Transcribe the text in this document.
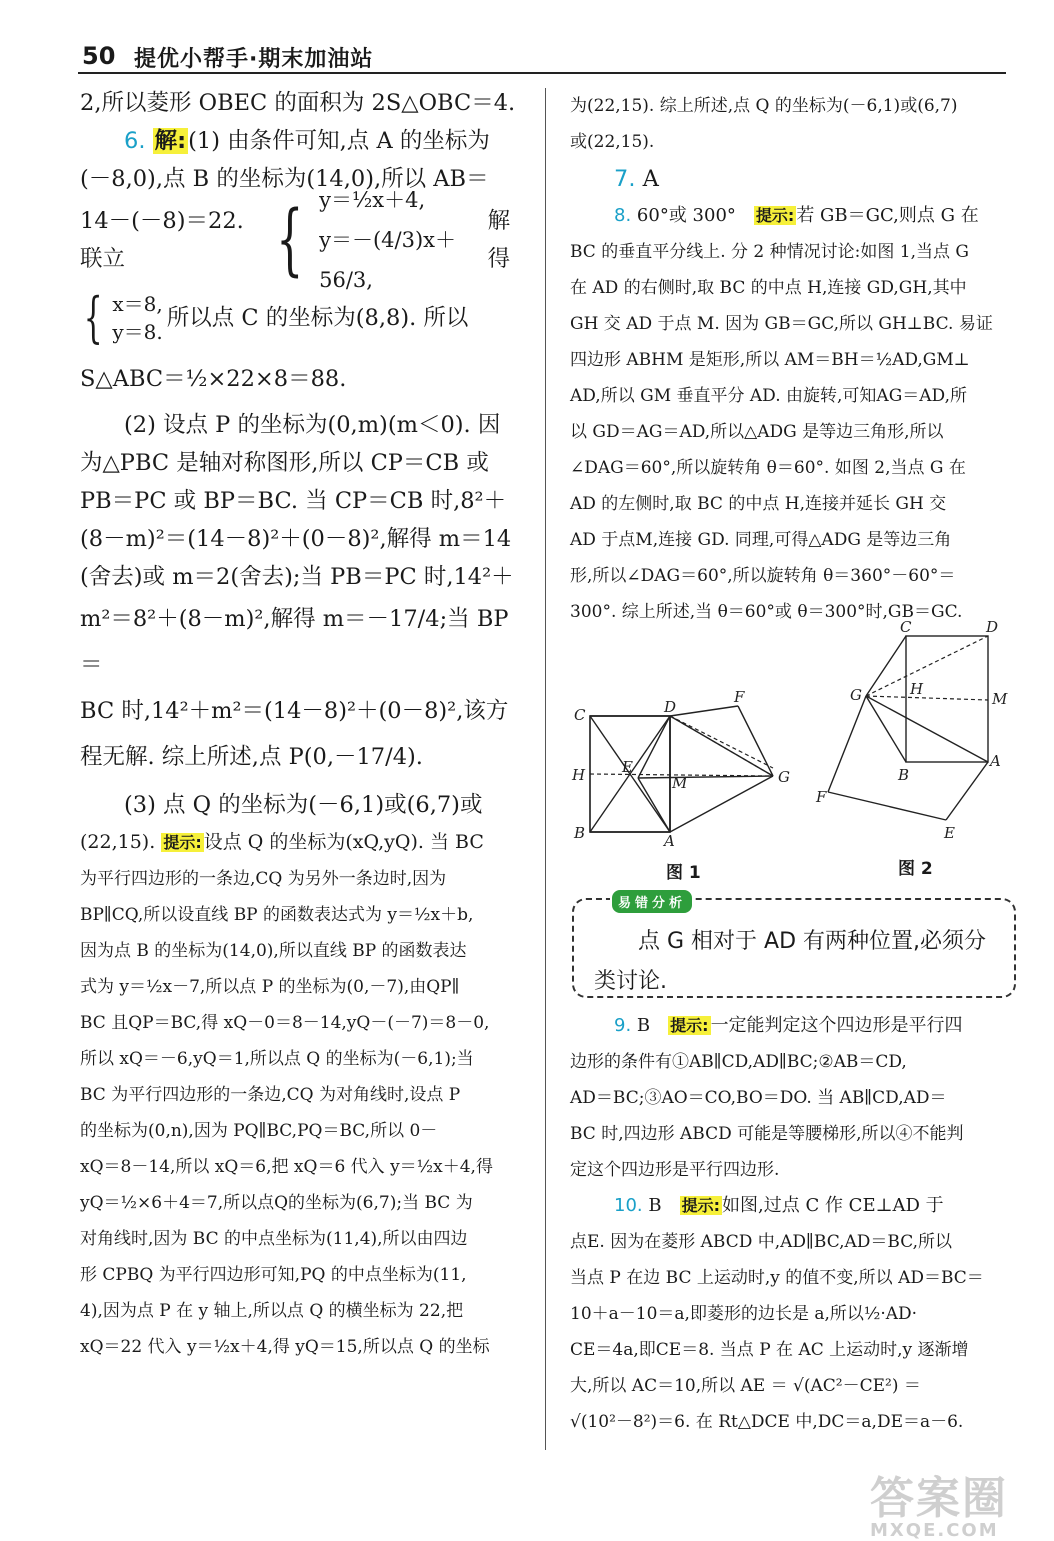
50 提优小帮手·期末加油站

2,所以菱形 OBEC 的面积为 2S△OBC＝4.

6. 解:(1) 由条件可知,点 A 的坐标为

(－8,0),点 B 的坐标为(14,0),所以 AB＝

14－(－8)＝22. 联立	{ y＝½x＋4,
y＝－(4/3)x＋56/3,
解得
{ x＝8,
y＝8.
所以点 C 的坐标为(8,8). 所以

S△ABC＝½×22×8＝88.

(2) 设点 P 的坐标为(0,m)(m＜0). 因

为△PBC 是轴对称图形,所以 CP＝CB 或

PB＝PC 或 BP＝BC. 当 CP＝CB 时,8²＋

(8－m)²＝(14－8)²＋(0－8)²,解得 m＝14

(舍去)或 m＝2(舍去);当 PB＝PC 时,14²＋

m²＝8²＋(8－m)²,解得 m＝－17/4;当 BP＝

BC 时,14²＋m²＝(14－8)²＋(0－8)²,该方

程无解. 综上所述,点 P(0,－17/4).

(3) 点 Q 的坐标为(－6,1)或(6,7)或

(22,15). 提示: 设点 Q 的坐标为(xQ,yQ). 当 BC

为平行四边形的一条边,CQ 为另外一条边时,因为

BP∥CQ,所以设直线 BP 的函数表达式为 y＝½x＋b,

因为点 B 的坐标为(14,0),所以直线 BP 的函数表达

式为 y＝½x－7,所以点 P 的坐标为(0,－7),由QP∥

BC 且QP＝BC,得 xQ－0＝8－14,yQ－(－7)＝8－0,

所以 xQ＝－6,yQ＝1,所以点 Q 的坐标为(－6,1);当

BC 为平行四边形的一条边,CQ 为对角线时,设点 P

的坐标为(0,n),因为 PQ∥BC,PQ＝BC,所以 0－

xQ＝8－14,所以 xQ＝6,把 xQ＝6 代入 y＝½x＋4,得

yQ＝½×6＋4＝7,所以点Q的坐标为(6,7);当 BC 为

对角线时,因为 BC 的中点坐标为(11,4),所以由四边

形 CPBQ 为平行四边形可知,PQ 的中点坐标为(11,

4),因为点 P 在 y 轴上,所以点 Q 的横坐标为 22,把

xQ＝22 代入 y＝½x＋4,得 yQ＝15,所以点 Q 的坐标

为(22,15). 综上所述,点 Q 的坐标为(－6,1)或(6,7)

或(22,15).

7. A

8. 60°或 300°　 提示: 若 GB＝GC,则点 G 在

BC 的垂直平分线上. 分 2 种情况讨论:如图 1,当点 G

在 AD 的右侧时,取 BC 的中点 H,连接 GD,GH,其中

GH 交 AD 于点 M. 因为 GB＝GC,所以 GH⊥BC. 易证

四边形 ABHM 是矩形,所以 AM＝BH＝½AD,GM⊥

AD,所以 GM 垂直平分 AD. 由旋转,可知AG＝AD,所

以 GD＝AG＝AD,所以△ADG 是等边三角形,所以

∠DAG＝60°,所以旋转角 θ＝60°. 如图 2,当点 G 在

AD 的左侧时,取 BC 的中点 H,连接并延长 GH 交

AD 于点M,连接 GD. 同理,可得△ADG 是等边三角

形,所以∠DAG＝60°,所以旋转角 θ＝360°－60°＝

300°. 综上所述,当 θ＝60°或 θ＝300°时,GB＝GC.

C	D
F
H E
M	G
B	A
C	D
G	H
M
F
B
A
E
图 1	图 2
易错分析

点 G 相对于 AD 有两种位置,必须分类讨论.

9. B　 提示: 一定能判定这个四边形是平行四

边形的条件有①AB∥CD,AD∥BC;②AB＝CD,

AD＝BC;③AO＝CO,BO＝DO. 当 AB∥CD,AD＝

BC 时,四边形 ABCD 可能是等腰梯形,所以④不能判

定这个四边形是平行四边形.

10. B　 提示: 如图,过点 C 作 CE⊥AD 于

点E. 因为在菱形 ABCD 中,AD∥BC,AD＝BC,所以

当点 P 在边 BC 上运动时,y 的值不变,所以 AD＝BC＝

10＋a－10＝a,即菱形的边长是 a,所以½·AD·

CE＝4a,即CE＝8. 当点 P 在 AC 上运动时,y 逐渐增

大,所以 AC＝10,所以 AE ＝ √(AC²－CE²) ＝

√(10²－8²)＝6. 在 Rt△DCE 中,DC＝a,DE＝a－6.

答案圈
MXQE.COM
